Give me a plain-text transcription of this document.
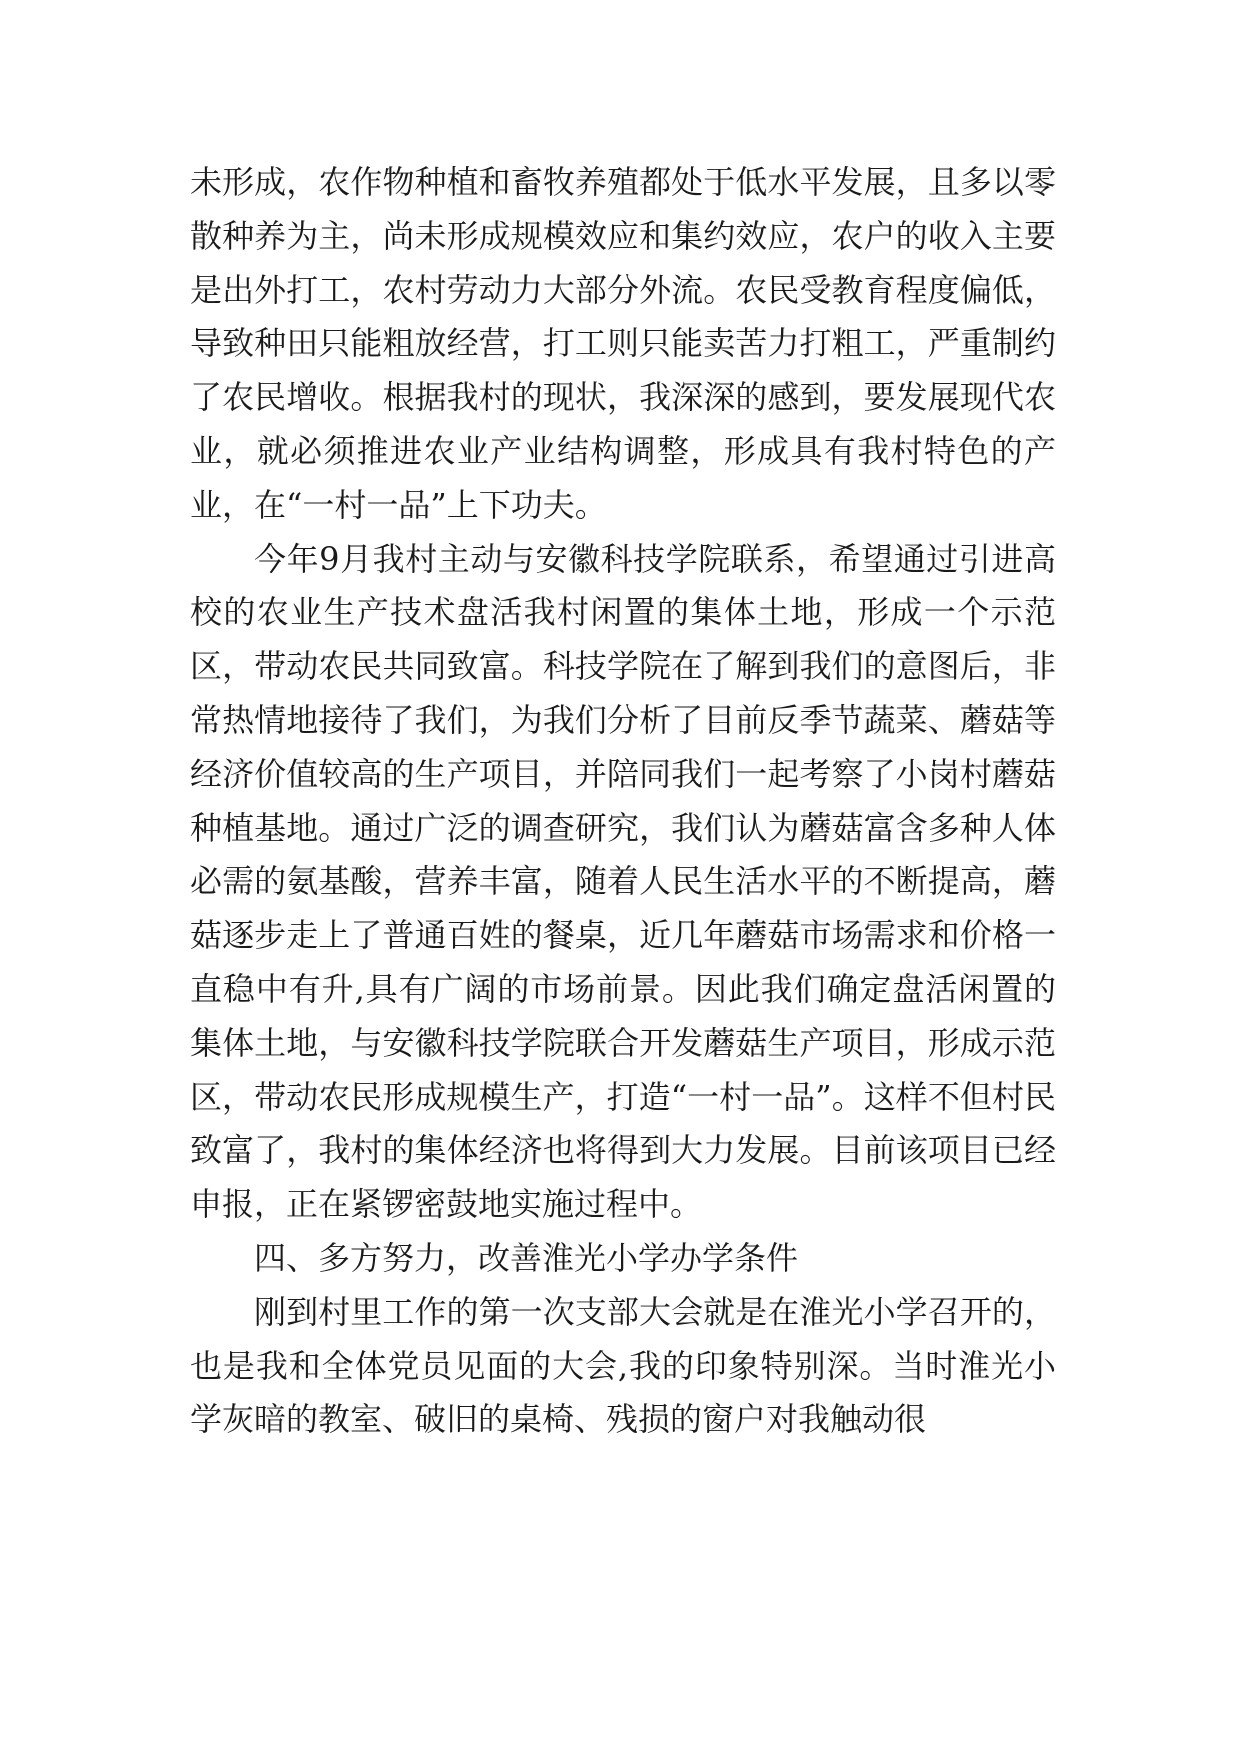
未形成，农作物种植和畜牧养殖都处于低水平发展，且多以零散种养为主，尚未形成规模效应和集约效应，农户的收入主要是出外打工，农村劳动力大部分外流。农民受教育程度偏低，导致种田只能粗放经营，打工则只能卖苦力打粗工，严重制约了农民增收。根据我村的现状，我深深的感到，要发展现代农业，就必须推进农业产业结构调整，形成具有我村特色的产业，在“一村一品”上下功夫。

今年9月我村主动与安徽科技学院联系，希望通过引进高校的农业生产技术盘活我村闲置的集体土地，形成一个示范区，带动农民共同致富。科技学院在了解到我们的意图后，非常热情地接待了我们，为我们分析了目前反季节蔬菜、蘑菇等经济价值较高的生产项目，并陪同我们一起考察了小岗村蘑菇种植基地。通过广泛的调查研究，我们认为蘑菇富含多种人体必需的氨基酸，营养丰富，随着人民生活水平的不断提高，蘑菇逐步走上了普通百姓的餐桌，近几年蘑菇市场需求和价格一直稳中有升,具有广阔的市场前景。因此我们确定盘活闲置的集体土地，与安徽科技学院联合开发蘑菇生产项目，形成示范区，带动农民形成规模生产，打造“一村一品”。这样不但村民致富了，我村的集体经济也将得到大力发展。目前该项目已经申报，正在紧锣密鼓地实施过程中。

四、多方努力，改善淮光小学办学条件

刚到村里工作的第一次支部大会就是在淮光小学召开的，也是我和全体党员见面的大会,我的印象特别深。当时淮光小学灰暗的教室、破旧的桌椅、残损的窗户对我触动很
